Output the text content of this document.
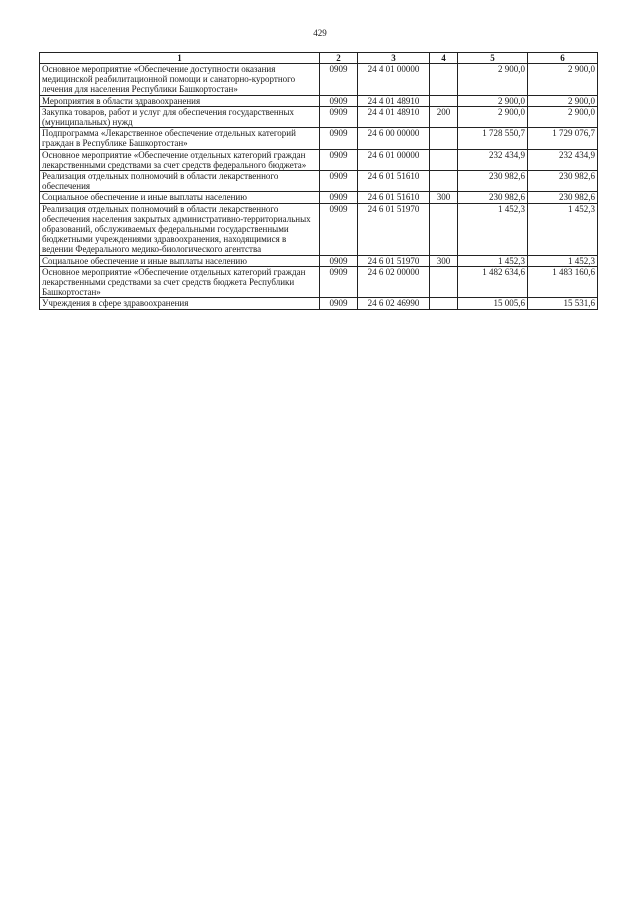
429
1	2	3	4	5	6
Основное мероприятие «Обеспечение доступности оказания медицинской реабилитационной помощи и санаторно-курортного лечения для населения Республики Башкортостан»	0909	24 4 01 00000		2 900,0	2 900,0
Мероприятия в области здравоохранения	0909	24 4 01 48910		2 900,0	2 900,0
Закупка товаров, работ и услуг для обеспечения государственных (муниципальных) нужд	0909	24 4 01 48910	200	2 900,0	2 900,0
Подпрограмма «Лекарственное обеспечение отдельных категорий граждан в Республике Башкортостан»	0909	24 6 00 00000		1 728 550,7	1 729 076,7
Основное мероприятие «Обеспечение отдельных категорий граждан лекарственными средствами за счет средств федерального бюджета»	0909	24 6 01 00000		232 434,9	232 434,9
Реализация отдельных полномочий в области лекарственного обеспечения	0909	24 6 01 51610		230 982,6	230 982,6
Социальное обеспечение и иные выплаты населению	0909	24 6 01 51610	300	230 982,6	230 982,6
Реализация отдельных полномочий в области лекарственного обеспечения населения закрытых административно-территориальных образований, обслуживаемых федеральными государственными бюджетными учреждениями здравоохранения, находящимися в ведении Федерального медико-биологического агентства	0909	24 6 01 51970		1 452,3	1 452,3
Социальное обеспечение и иные выплаты населению	0909	24 6 01 51970	300	1 452,3	1 452,3
Основное мероприятие «Обеспечение отдельных категорий граждан лекарственными средствами за счет средств бюджета Республики Башкортостан»	0909	24 6 02 00000		1 482 634,6	1 483 160,6
Учреждения в сфере здравоохранения	0909	24 6 02 46990		15 005,6	15 531,6
